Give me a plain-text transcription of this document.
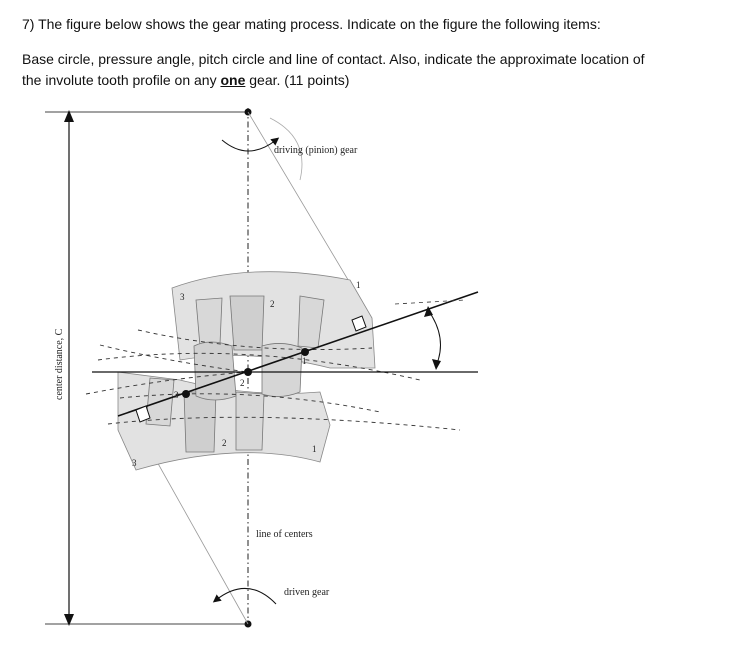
7) The figure below shows the gear mating process. Indicate on the figure the following items:

Base circle, pressure angle, pitch circle and line of contact. Also, indicate the approximate location of

the involute tooth profile on any one gear. (11 points)

center distance, C
1
2
3
1
2
3
1
2
3
driving (pinion) gear
line of centers
driven gear
